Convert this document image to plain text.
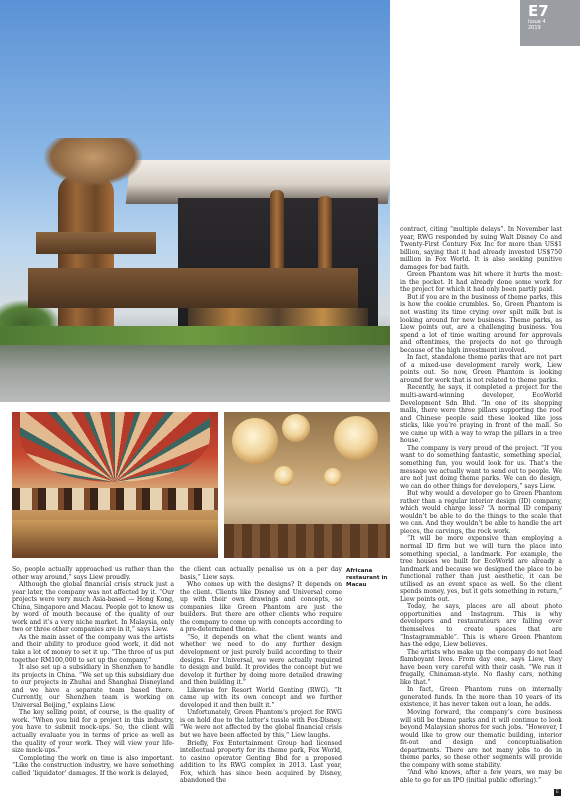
E7
Issue 4
2019
Africana
restaurant in
Macau

So, people actually approached us rather than the other way around,” says Liew proudly.

Although the global financial crisis struck just a year later, the company was not affected by it. “Our projects were very much Asia-based — Hong Kong, China, Singapore and Macau. People got to know us by word of mouth because of the quality of our work and it’s a very niche market. In Malaysia, only two or three other companies are in it,” says Liew.

As the main asset of the company was the artists and their ability to produce good work, it did not take a lot of money to set it up. “The three of us put together RM100,000 to set up the company.”

It also set up a subsidiary in Shenzhen to handle its projects in China. “We set up this subsidiary due to our projects in Zhuhai and Shanghai Disneyland and we have a separate team based there. Currently, our Shenzhen team is working on Universal Beijing,” explains Liew.

The key selling point, of course, is the quality of work. “When you bid for a project in this industry, you have to submit mock-ups. So, the client will actually evaluate you in terms of price as well as the quality of your work. They will view your life-size mock-ups.”

Completing the work on time is also important. “Like the construction industry, we have something called ‘liquidator’ damages. If the work is delayed,

the client can actually penalise us on a per day basis,” Liew says.

Who comes up with the designs? It depends on the client. Clients like Disney and Universal come up with their own drawings and concepts, so companies like Green Phantom are just the builders. But there are other clients who require the company to come up with concepts according to a pre-determined theme.

“So, it depends on what the client wants and whether we need to do any further design development or just purely build according to their designs. For Universal, we were actually required to design and build. It provides the concept but we develop it further by doing more detailed drawing and then building it.”

Likewise for Resort World Genting (RWG). “It came up with its own concept and we further developed it and then built it.”

Unfortunately, Green Phantom’s project for RWG is on hold due to the latter’s tussle with Fox-Disney. “We were not affected by the global financial crisis but we have been affected by this,” Liew laughs.

Briefly, Fox Entertainment Group had licensed intellectual property for its theme park, Fox World, to casino operator Genting Bhd for a proposed addition to its RWG complex in 2013. Last year, Fox, which has since been acquired by Disney, abandoned the

contract, citing “multiple delays”. In November last year, RWG responded by suing Walt Disney Co and Twenty-First Century Fox Inc for more than US$1 billion, saying that it had already invested US$750 million in Fox World. It is also seeking punitive damages for bad faith.

Green Phantom was hit where it hurts the most: in the pocket. It had already done some work for the project for which it had only been partly paid.

But if you are in the business of theme parks, this is how the cookie crumbles. So, Green Phantom is not wasting its time crying over spilt milk but is looking around for new business. Theme parks, as Liew points out, are a challenging business. You spend a lot of time waiting around for approvals and oftentimes, the projects do not go through because of the high investment involved.

In fact, standalone theme parks that are not part of a mixed-use development rarely work, Liew points out. So now, Green Phantom is looking around for work that is not related to theme parks.

Recently, he says, it completed a project for the multi-award-winning developer, EcoWorld Development Sdn Bhd. “In one of its shopping malls, there were three pillars supporting the roof and Chinese people said these looked like joss sticks, like you’re praying in front of the mall. So we came up with a way to wrap the pillars in a tree house.”

The company is very proud of the project. “If you want to do something fantastic, something special, something fun, you would look for us. That’s the message we actually want to send out to people. We are not just doing theme parks. We can do design, we can do other things for developers,” says Liew.

But why would a developer go to Green Phantom rather than a regular interior design (ID) company, which would charge less? “A normal ID company wouldn’t be able to do the things to the scale that we can. And they wouldn’t be able to handle the art pieces, the carvings, the rock work.

“It will be more expensive than employing a normal ID firm but we will turn the place into something special, a landmark. For example, the tree houses we built for EcoWorld are already a landmark and because we designed the place to be functional rather than just aesthetic, it can be utilised as an event space as well. So the client spends money, yes, but it gets something in return,” Liew points out.

Today, he says, places are all about photo opportunities and Instagram. This is why developers and restaurateurs are falling over themselves to create spaces that are “Instagrammable”. This is where Green Phantom has the edge, Liew believes.

The artists who make up the company do not lead flamboyant lives. From day one, says Liew, they have been very careful with their cash. “We run it frugally, Chinaman-style. No flashy cars, nothing like that.”

In fact, Green Phantom runs on internally generated funds. In the more than 10 years of its existence, it has never taken out a loan, he adds.

Moving forward, the company’s core business will still be theme parks and it will continue to look beyond Malaysian shores for such jobs. “However, I would like to grow our thematic building, interior fit-out and design and conceptualisation departments. There are not many jobs to do in theme parks, so these other segments will provide the company with some stability.

“And who knows, after a few years, we may be able to go for an IPO (initial public offering).”

E
